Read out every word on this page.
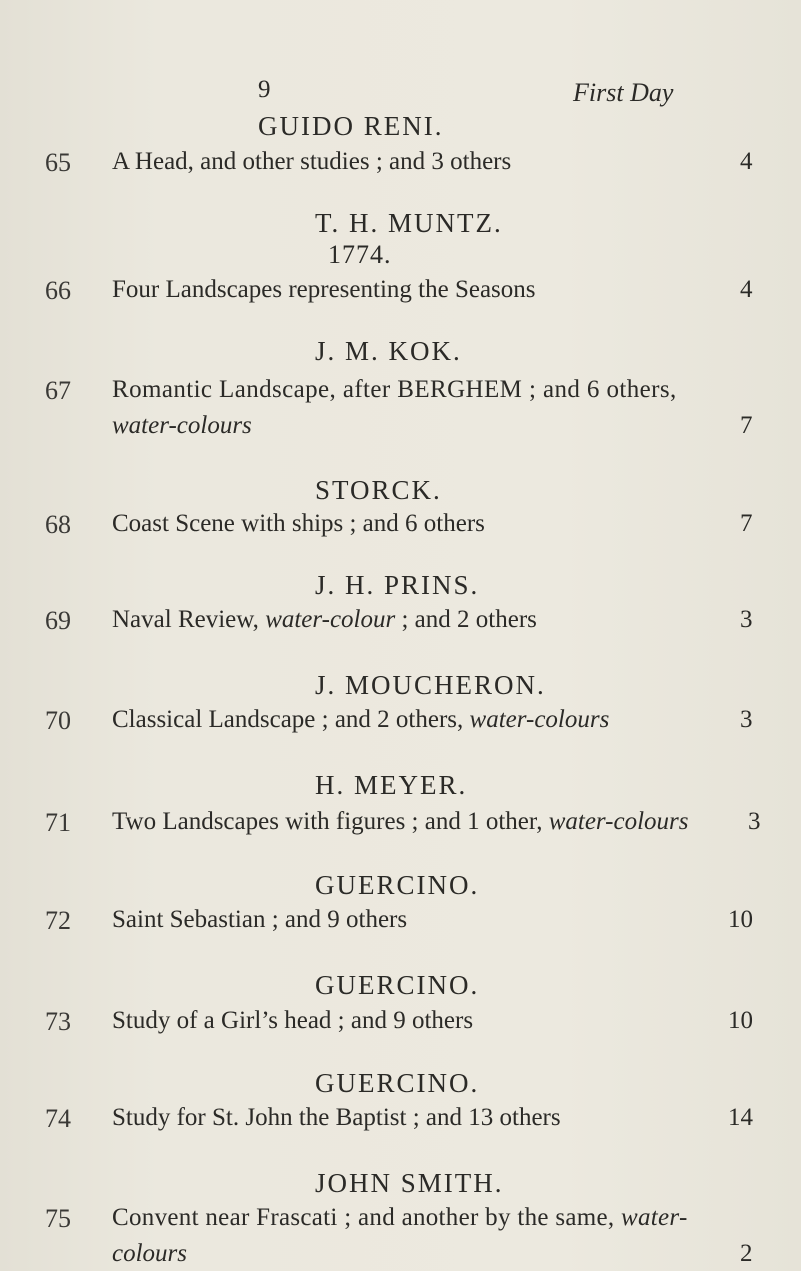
9	First Day
GUIDO RENI.
65 A Head, and other studies ; and 3 others	4
T. H. MUNTZ.
1774.
66 Four Landscapes representing the Seasons	4
J. M. KOK.
67 Romantic Landscape, after BERGHEM ; and 6 others,
water-colours	7
STORCK.
68 Coast Scene with ships ; and 6 others	7
J. H. PRINS.
69 Naval Review, water-colour ; and 2 others	3
J. MOUCHERON.
70 Classical Landscape ; and 2 others, water-colours	3
H. MEYER.
71 Two Landscapes with figures ; and 1 other, water-colours 3
GUERCINO.
72 Saint Sebastian ; and 9 others	10
GUERCINO.
73 Study of a Girl’s head ; and 9 others	10
GUERCINO.
74 Study for St. John the Baptist ; and 13 others	14
JOHN SMITH.
75 Convent near Frascati ; and another by the same, water-
colours	2
